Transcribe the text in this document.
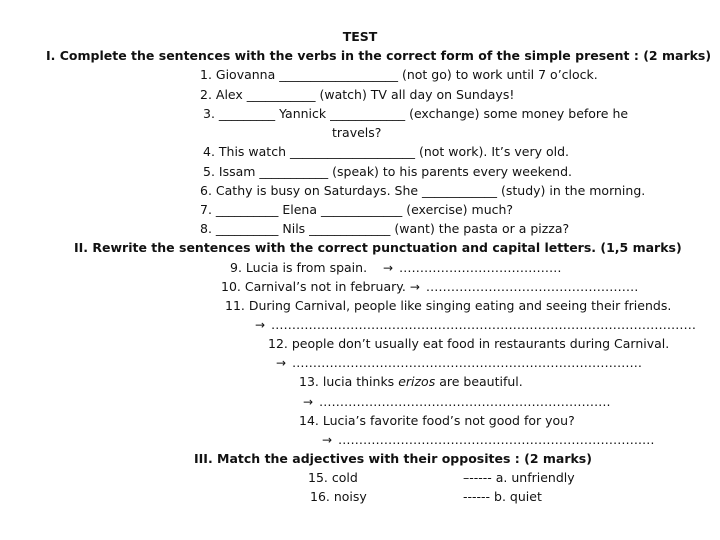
TEST
I. Complete the sentences with the verbs in the correct form of the simple present : (2 marks)
1. Giovanna ___________________ (not go) to work until 7 o’clock.
2. Alex ___________ (watch) TV all day on Sundays!
3. _________ Yannick ____________ (exchange) some money before he
travels?
4. This watch ____________________ (not work). It’s very old.
5. Issam ___________ (speak) to his parents every weekend.
6. Cathy is busy on Saturdays. She ____________ (study) in the morning.
7. __________ Elena _____________ (exercise) much?
8. __________ Nils _____________ (want) the pasta or a pizza?
II. Rewrite the sentences with the correct punctuation and capital letters. (1,5 marks)
9. Lucia is from spain. → …………………………………
10. Carnival’s not in february. → ……………………………………………
11. During Carnival, people like singing eating and seeing their friends.
→ …………………………………………………………………………………………
12. people don’t usually eat food in restaurants during Carnival.
→ …………………………………………………………………………
13. lucia thinks erizos are beautiful.
→ …………………………………………………………….
14. Lucia’s favorite food’s not good for you?
→ ……………………………………………………………….…
III. Match the adjectives with their opposites : (2 marks)
15. cold	–----- a. unfriendly
16. noisy	------ b. quiet
